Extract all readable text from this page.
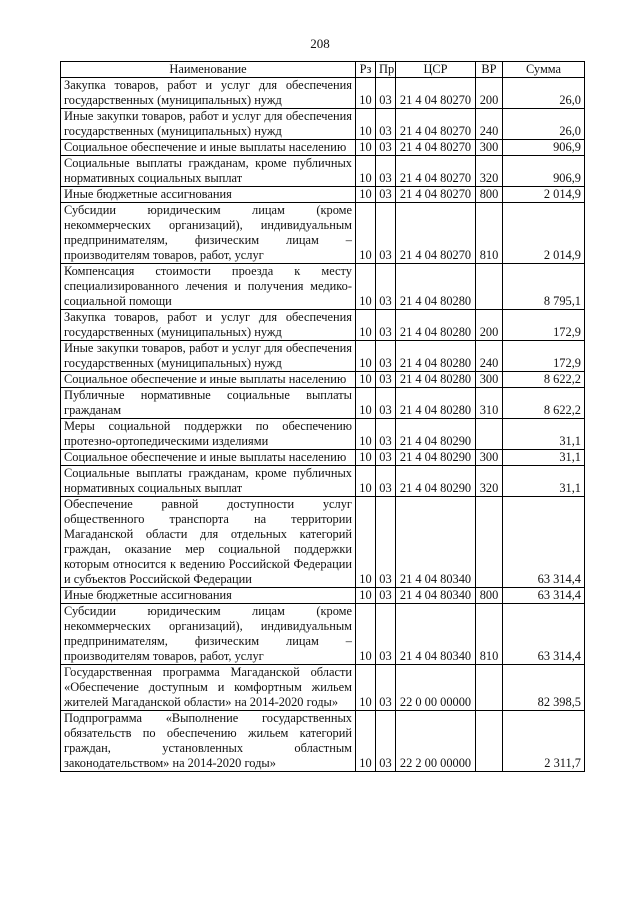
208
Наименование	Рз	Пр	ЦСР	ВР	Сумма
Закупка товаров, работ и услуг для обеспечения государственных (муниципальных) нужд	10	03	21 4 04 80270	200	26,0
Иные закупки товаров, работ и услуг для обеспечения государственных (муниципальных) нужд	10	03	21 4 04 80270	240	26,0
Социальное обеспечение и иные выплаты населению	10	03	21 4 04 80270	300	906,9
Социальные выплаты гражданам, кроме публичных нормативных социальных выплат	10	03	21 4 04 80270	320	906,9
Иные бюджетные ассигнования	10	03	21 4 04 80270	800	2 014,9
Субсидии юридическим лицам (кроме некоммерческих организаций), индивидуальным предпринимателям, физическим лицам – производителям товаров, работ, услуг	10	03	21 4 04 80270	810	2 014,9
Компенсация стоимости проезда к месту специализированного лечения и получения медико-социальной помощи	10	03	21 4 04 80280		8 795,1
Закупка товаров, работ и услуг для обеспечения государственных (муниципальных) нужд	10	03	21 4 04 80280	200	172,9
Иные закупки товаров, работ и услуг для обеспечения государственных (муниципальных) нужд	10	03	21 4 04 80280	240	172,9
Социальное обеспечение и иные выплаты населению	10	03	21 4 04 80280	300	8 622,2
Публичные нормативные социальные выплаты гражданам	10	03	21 4 04 80280	310	8 622,2
Меры социальной поддержки по обеспечению протезно-ортопедическими изделиями	10	03	21 4 04 80290		31,1
Социальное обеспечение и иные выплаты населению	10	03	21 4 04 80290	300	31,1
Социальные выплаты гражданам, кроме публичных нормативных социальных выплат	10	03	21 4 04 80290	320	31,1
Обеспечение равной доступности услуг общественного транспорта на территории Магаданской области для отдельных категорий граждан, оказание мер социальной поддержки которым относится к ведению Российской Федерации и субъектов Российской Федерации	10	03	21 4 04 80340		63 314,4
Иные бюджетные ассигнования	10	03	21 4 04 80340	800	63 314,4
Субсидии юридическим лицам (кроме некоммерческих организаций), индивидуальным предпринимателям, физическим лицам – производителям товаров, работ, услуг	10	03	21 4 04 80340	810	63 314,4
Государственная программа Магаданской области «Обеспечение доступным и комфортным жильем жителей Магаданской области» на 2014-2020 годы»	10	03	22 0 00 00000		82 398,5
Подпрограмма «Выполнение государственных обязательств по обеспечению жильем категорий граждан, установленных областным законодательством» на 2014-2020 годы»	10	03	22 2 00 00000		2 311,7
